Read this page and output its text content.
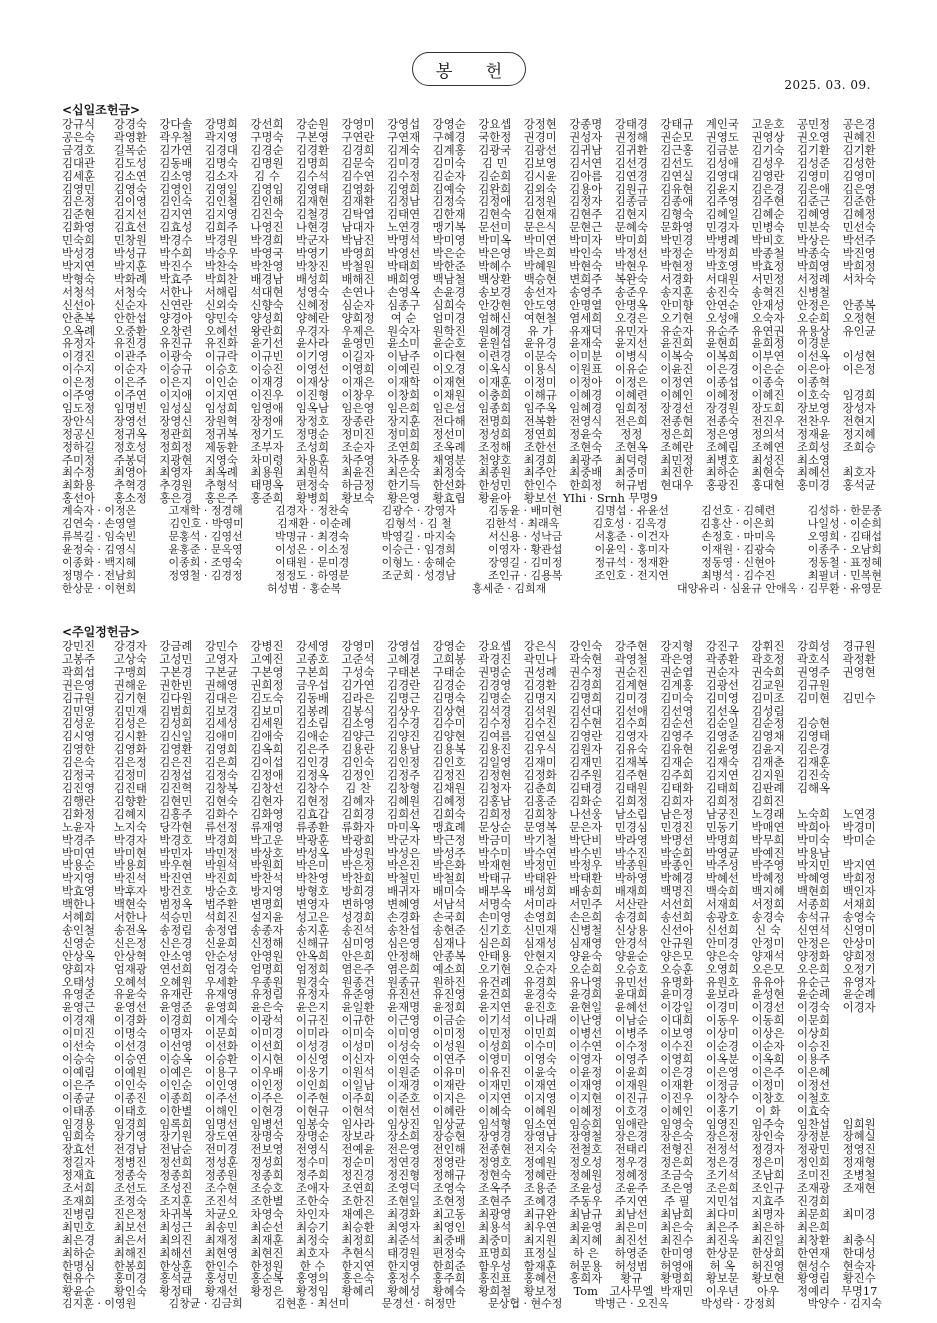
봉 헌
2025. 03. 09.
<십일조헌금>
강규식	강경숙	강다솔	강명희	강선희	강순원	강영미	강영섭	강영순	강요셉	강정현	강종명	강태경	강태규	계인국	고운호	공민정	공은경
공은숙	곽영환	곽우철	곽지영	구명숙	구본영	구연란	구연재	구혜경	국한정	권경미	권성자	권정해	권순모	권영도	권영상	권오영	권혜진
금경호	길목순	김가연	김경대	김경순	김경환	김경희	김계숙	김계홍	김광국	김광선	김귀남	김귀환	김근홍	김금분	김기숙	김기환	김기환
김대관	김도성	김동배	김명숙	김명원	김명희	김문숙	김미경	김미숙	김 민	김보영	김서연	김선경	김선도	김성애	김성우	김성준	김성한
김세훈	김소연	김소영	김소자	김 수	김수석	김수연	김수정	김순자	김순희	김시윤	김아름	김연경	김연실	김영대	김영란	김영미	김영미
김영민	김영숙	김영인	김영일	김영임	김영태	김영화	김영희	김예숙	김완희	김외숙	김용아	김원규	김유현	김윤지	김은경	김은애	김은영
김은정	김이영	김인숙	김인철	김인해	김재현	김재환	김정남	김정숙	김정애	김정원	김정자	김종금	김종애	김주영	김주현	김준근	김준한
김준현	김지선	김지연	김지영	김진숙	김철경	김탁엽	김태연	김한재	김현숙	김현재	김현주	김현지	김형숙	김혜일	김혜순	김혜영	김혜정
김화영	김효선	김효성	김희주	나영진	나현경	남대자	노연경	맹기복	문선미	문은식	문현근	문혜숙	문화영	민경자	민병숙	민분숙	민선숙
민숙희	민창원	박경수	박경원	박경희	박군자	박남진	박명석	박미영	박미옥	박미연	박미자	박미희	박민경	박병례	박비호	박상은	박선주
박성경	박성규	박수희	박승우	박영국	박영기	박영희	박영선	박은순	박은영	박은희	박인숙	박정선	박정순	박정희	박종철	박종숙	박진영
박지연	박지훈	박진수	박찬숙	박찬영	박창진	박철원	박태희	박한준	박혜수	박혜원	박현숙	박현우	박현정	박호영	박효정	박희영	박희정
박형숙	박화례	박효주	박희찬	배경남	배성희	배해진	배희영	백남철	백상환	백승현	변희주	복완숙	서경화	서대원	서민정	서정례	서차숙
서청석	서청숙	서한나	서해림	석대현	성영숙	손연나	손영옥	손윤경	송보경	송선자	송영주	송준우	송지훈	송진숙	송혁진	신병철	
신선아	신순자	신연란	신외숙	신향숙	신혜정	심순자	심종구	심희숙	안강현	안도영	안명열	안명옥	안미향	안연순	안재성	안정은	안종복
안춘복	안한섭	양경아	양민숙	양성희	양혜란	양희정	여 순	엄미경	엄해신	여현철	염세희	오경은	오기현	오성애	오숙자	오순희	오정현
오옥례	오중환	오창련	오혜선	왕란희	우경자	우제은	원숙자	원학진	원혜경	유 가	유재덕	유민자	유순자	유순주	유연권	유용상	유인균
유정자	유진경	유진규	유진화	윤기선	윤사라	윤영민	윤소미	윤순호	윤원섭	윤유경	윤재숙	윤지선	윤진희	윤현희	윤희정	이경분	
이경진	이관주	이광숙	이규락	이규빈	이기영	이길자	이남주	이다현	이련경	이문숙	이미분	이병식	이복숙	이복희	이부연	이선옥	이성현
이수지	이순자	이승규	이승호	이승진	이영선	이영희	이예린	이오경	이옥식	이용식	이원표	이유순	이윤진	이은경	이은순	이은아	이은정
이은정	이은주	이은지	이인순	이재경	이재상	이재은	이재학	이재현	이재훈	이정미	이정아	이정은	이정연	이종섭	이종숙	이종혁	
이주영	이주연	이지애	이지연	이진우	이진형	이창우	이창희	이채원	이충희	이해규	이혜경	이혜련	이혜인	이혜정	이혜진	이호숙	임경희
임도정	임명빈	임성실	임성희	임영애	임옥남	임은영	임은희	임은섭	임종희	임주옥	임혜경	임희정	장경선	장경원	장도희	장보영	장성자
장안식	장영선	장영신	장원혁	장정애	장정호	장종란	장지훈	전다해	전명희	전복환	전영식	전은희	전종현	전종숙	전진우	전찬우	전현지
정공신	정귀옥	정관희	정귀복	정기도	정명순	정미진	정미희	정선미	정성희	정연희	정윤숙	정정	정은희	정은영	정의석	정재윤	정지혜
정하길	정호성	정희정	제동환	조부자	조성희	조순자	조연희	조옥례	조정해	조한선	조현숙	조현옥	조혜란	조혜림	조혜연	조희성	조희승
주미정	주봉덕	지광현	지영숙	차미령	차용훈	차주영	차주용	채영분	천양호	최경희	최광주	최덕령	최민정	최병호	최성진	최소영	
최수정	최영아	최영자	최옥례	최용원	최원석	최윤진	최은숙	최정숙	최종원	최주안	최중배	최중미	최진한	최하순	최현숙	최혜선	최호자
최화용	추혁경	추경원	추형석	태명옥	편정숙	하금정	한기득	한선화	한성민	한인수	한희정	허규범	현대우	홍광진	홍대현	홍미경	홍석균
홍선아	홍소정	홍은경	홍은주	홍준희	황병희	황보숙	황은영	황효립	황윤아	황보선	YIhi · Srnh 무명9						
계숙자 · 이정은	고재학 · 정경해	김경자 · 정찬숙	김광수 · 강영자	김동윤 · 배미현	김명섭 · 유윤선	김선호 · 김혜련	김성하 · 한문종
김연숙 · 손영열	김인호 · 박영미	김재환 · 이순례	김형석 · 김 철	김한석 · 최래옥	김호성 · 김옥경	김홍산 · 이은희	나일성 · 이순희
류복길 · 임숙빈	문홍석 · 김영선	박명규 · 최경숙	박영길 · 마지숙	서신용 · 성낙금	서홍준 · 이건자	손정호 · 마미옥	오영희 · 김태섭
윤정숙 · 김영식	윤홍준 · 문옥영	이성은 · 이소정	이승근 · 임경희	이영자 · 황관섭	이윤익 · 홍미자	이재원 · 김광숙	이종주 · 오남희
이종화 · 백지혜	이종희 · 조영숙	이태원 · 문미경	이형노 · 송혜순	장영길 · 김미정	정규석 · 정재환	정동영 · 신현아	정동철 · 표정혜
정명수 · 전남희	정영철 · 김경정	정정도 · 하영분	조군희 · 성경남	조인규 · 김용복	조인호 · 전지연	최병석 · 김수진	최필녀 · 민복현
한상문 · 이현희	허성범 · 홍순복	홍세준 · 김희재	대양유리 · 심윤규 안애옥 · 김무환 · 유영문
<주일정헌금>
강민진	강경자	강금례	강민수	강병진	강세영	강영미	강영섭	강영순	강요셉	강은식	강인숙	강주현	강지형	강진구	강휘진	강희성	경규원
고봉주	고상숙	고성민	고영자	고예진	고종호	고준석	고혜경	고희봉	곽경진	곽민나	곽숙현	곽영철	곽은영	곽종환	곽호정	곽호식	곽정환
곽희섭	구맹희	구본경	구본균	구본영	구본희	구성숙	구태본	구태순	권명순	권성례	권수정	권순진	권순엽	권순자	권숙희	권영주	권영현
권은영	권해운	권한빈	권해영	권희정	금우섭	김가연	김경란	김경순	김경영	김경환	김경희	김계현	김계홍	김광선	김교원	김규원	
김규원	김기현	김다원	김대은	김도숙	김동배	김라은	김명근	김명숙	김명순	김명지	김명희	김미경	김미숙	김미영	김미조	김미현	김민수
김민영	김민재	김범희	김보경	김보미	김봉례	김봉식	김상우	김상현	김석경	김석원	김선대	김선애	김선영	김선옥	김성림		
김성운	김성은	김성희	김세성	김세원	김소림	김소영	김수경	김수미	김수정	김수진	김수현	김수희	김순선	김순일	김순정	김승현	
김시영	김시환	김신일	김애미	김애숙	김애순	김양근	김양진	김양현	김여름	김연실	김영란	김영자	김영주	김영준	김영채	김영태	
김영한	김영화	김영환	김영희	김옥희	김은주	김용란	김용남	김용복	김용진	김우식	김원자	김유숙	김유현	김윤영	김윤지	김은경	
김은숙	김은정	김은진	김은희	김이섭	김인경	김인숙	김인정	김인호	김일영	김재미	김재민	김재복	김재순	김재숙	김재춘	김재훈	
김정국	김정미	김정섭	김정숙	김정애	김정옥	김정인	김정주	김정진	김정현	김정화	김주원	김주현	김주희	김지연	김지원	김진숙	
김진영	김진태	김진혁	김창복	김창선	김창수	김 찬	김창형	김채원	김청자	김춘희	김태경	김태원	김태화	김태희	김판례	김해옥	
김행란	김향환	김현민	김현숙	김현자	김현정	김혜자	김혜원	김혜정	김홍남	김홍준	김화순	김희정	김희자	김희정	김희진		
김화정	김혜지	김홍주	김화수	김화영	김효갑	김희경	김희선	김희숙	김희정	김희창	나선웅	남소림	남은정	남궁진	노경래	노숙희	노연경
노윤자	노지숙	당각현	류선정	류재영	류종환	류화자	마미옥	맹효례	문상순	문영복	문은자	민경심	민경진	민동기	박매연	박희아	박경미
박경주	박경자	박경호	박경희	박고운	박광훈	박광희	박군자	박근정	박금미	박기철	박단비	박라영	박명선	박명희	박무희	박미숙	박미순
박미연	박미현	박민자	박민정	박상호	박성옥	박성원	박성은	박성주	박수미	박수연	박수빈	박수진	박순희	박영균	박예진	박용남	
박용순	박용희	박우현	박원석	박원희	박은미	박은정	박은진	박은화	박재현	박정민	박정우	박종원	박종인	박주성	박주영	박지민	박지연
박지영	박진석	박진연	박진희	박찬석	박찬영	박찬희	박철민	박철희	박태규	박태완	박태환	박하영	박혜경	박혜선	박혜정	박혜영	박희정
박효영	박후자	방건호	방순호	방지영	방형호	방희경	배귀자	배미숙	배부옥	배성희	배송희	배재희	백명진	백숙희	백지혜	백현희	백인자
백한나	백현숙	범정옥	범주환	변명희	변영자	변하영	변혜영	서남석	서명숙	서미라	서민주	서산란	서선희	서재희	서정희	서종희	서채희
서혜희	서한나	석승민	석희진	설지윤	성고은	성경희	손경화	손국희	손미영	손영희	손은희	송경희	송선희	송광호	송경숙	송석규	송영숙
송인철	송전옥	송정림	송정엽	송종자	송지훈	송진석	송찬섭	송현준	신기호	신민재	신병철	신상용	신선아	신선희	신 숙	신연석	신영미
신영순	신은정	신은경	신윤희	신정해	신해규	심미영	심은영	심재나	심은희	심재성	심재영	안경석	안규원	안미경	안정미	안정은	안상미
안상옥	안상혁	안소영	안순성	안영원	안옥희	안은희	안정해	안종복	안태용	안현지	양윤숙	양윤순	양은모	양은숙	양재석	양정화	양희정
양희자	엄재광	연선희	엄경숙	엄명희	엄정희	염은주	염은희	예소희	오기현	오순자	오순희	오승호	오승훈	오영희	오은모	오은희	오정기
오태성	오혜석	오혜원	우세환	우종원	원경숙	원종건	원종규	원하진	유건례	유경희	유나영	유민선	유명화	유원호	유유아	유순근	유영자
유영준	유윤숙	유재란	유재영	유정림	유정자	유준영	유진선	유진영	윤건희	윤경숙	윤경희	윤대희	윤미경	윤보라	윤성현	윤순례	윤순례
윤영근	윤영선	윤영준	윤영희	윤은숙	윤은지	윤일환	윤재명	윤정희	윤지연	윤진호	윤현일	윤혜선	이강일	이경미	이경선	이경숙	이경자
이경재	이경화	이경희	이계숙	이광석	이규진	이규한	이근영	이금순	이기석	이나래	이난영	이남순	이대희	이동우	이동희	이문희	
이미진	이명숙	이명자	이문희	이미경	이미라	이미숙	이미영	이미정	이민정	이민희	이병선	이병주	이보영	이상미	이상은	이상희	
이선숙	이선경	이선영	이선화	이선희	이성경	이성미	이성숙	이성원	이성희	이수미	이수연	이수정	이수진	이순경	이순자	이승진	
이승숙	이승연	이승옥	이승환	이시현	이신영	이신자	이연숙	이연주	이영미	이영숙	이영자	이영주	이영희	이옥분	이옥희	이용주	
이예림	이예원	이예은	이용구	이우배	이웅기	이원석	이원준	이유미	이유진	이윤숙	이윤정	이윤희	이은경	이은영	이은주	이은혜	
이은주	이인숙	이인순	이인영	이인정	이인희	이일남	이재경	이재란	이재민	이재연	이재영	이재원	이재환	이정금	이정미	이정선	
이종균	이종진	이종희	이주선	이주은	이주현	이주희	이준호	이지은	이지연	이지영	이지현	이진규	이진우	이창수	이창호	이철호	
이태종	이태호	이한별	이해인	이현경	이현규	이현석	이현선	이혜란	이혜숙	이혜원	이혜정	이호경	이혜인	이홍기	이 화	이효숙	
임경용	임경희	임록희	임명선	임병선	임봉숙	임사라	임상진	임상균	임석형	임소연	임승희	임애란	임영숙	임영진	임주숙	임찬섭	임희원
임희숙	장기영	장기원	장도연	장명숙	장명순	장보라	장소희	장승현	장영경	장영남	장영철	장은경	장은숙	장은정	장인숙	장정분	장혜실
장효선	전경남	전남순	전미경	전보영	전영식	전예윤	전은영	전인해	전종현	전지숙	전철호	전태리	전형진	전정석	정경자	정광민	정영진
정길자	정병진	정선희	정성훈	정성희	정수미	정순미	정연경	정영란	정영호	정예원	정오성	정우경	정은희	정은경	정은미	정인희	정재형
정재효	정종숙	정종희	정종원	정종희	정주희	정진경	정진형	정해규	정현숙	정혜란	정혜원	정혜정	조금숙	조기석	조남희	조미진	조병철
조서희	조선도	조성진	조수현	조승호	조애자	조연희	조영덕	조영숙	조옥주	조용준	조윤성	조윤주	조은영	조은희	조인규	조재광	조재현
조재희	조정숙	조지훈	조진석	조한별	조한숙	조한진	조현일	조현정	조현주	조혜경	주동우	주지연	주 필	지민섭	지효주	진경희	
진병림	진은정	차귀복	차균오	차영숙	차인자	채예은	최경화	최고동	최광영	최규완	최남규	최남선	최남희	최다미	최명자	최문희	최미경
최민호	최보선	최성근	최송민	최순선	최승기	최승환	최영자	최영인	최용석	최우연	최윤영	최은미	최은숙	최은주	최은하	최은희	
최은경	최은서	최의진	최재정	최재훈	최정숙	최정희	최준석	최중배	최중미	최지원	최지혜	최진선	최진수	최진욱	최진일	최창환	최충식
최하순	최해진	최해선	최현영	최현진	최호자	추현식	태경원	편정숙	표명희	표정실	하 은	하영준	한미영	한상문	한상희	한연재	한대성
한명심	한봉희	한상훈	한인수	한정원	한 수	한지연	한지영	한희준	함우성	함재훈	허문용	허성범	허영애	허 옥	허진영	현성수	현숙자
현유수	홍미경	홍석균	홍성민	홍순복	홍영의	홍은숙	홍정수	홍주희	홍진표	홍혜선	홍희자	황규	황명희	황보문	황보현	황영림	황진수
황윤순	황인숙	황정태	황재선	황정은	황정임	황혜리	황혜성	황혜숙	황희철	황보정	Tom	고사무엘	박재민	이우년	아우	정예리	무명17
김지훈 · 이영원	김창균 · 김금희	김현훈 · 최선미	문경선 · 허정만	문상협 · 현수정	박병근 · 오진옥	박성락 · 강정희	박양수 · 김지숙
